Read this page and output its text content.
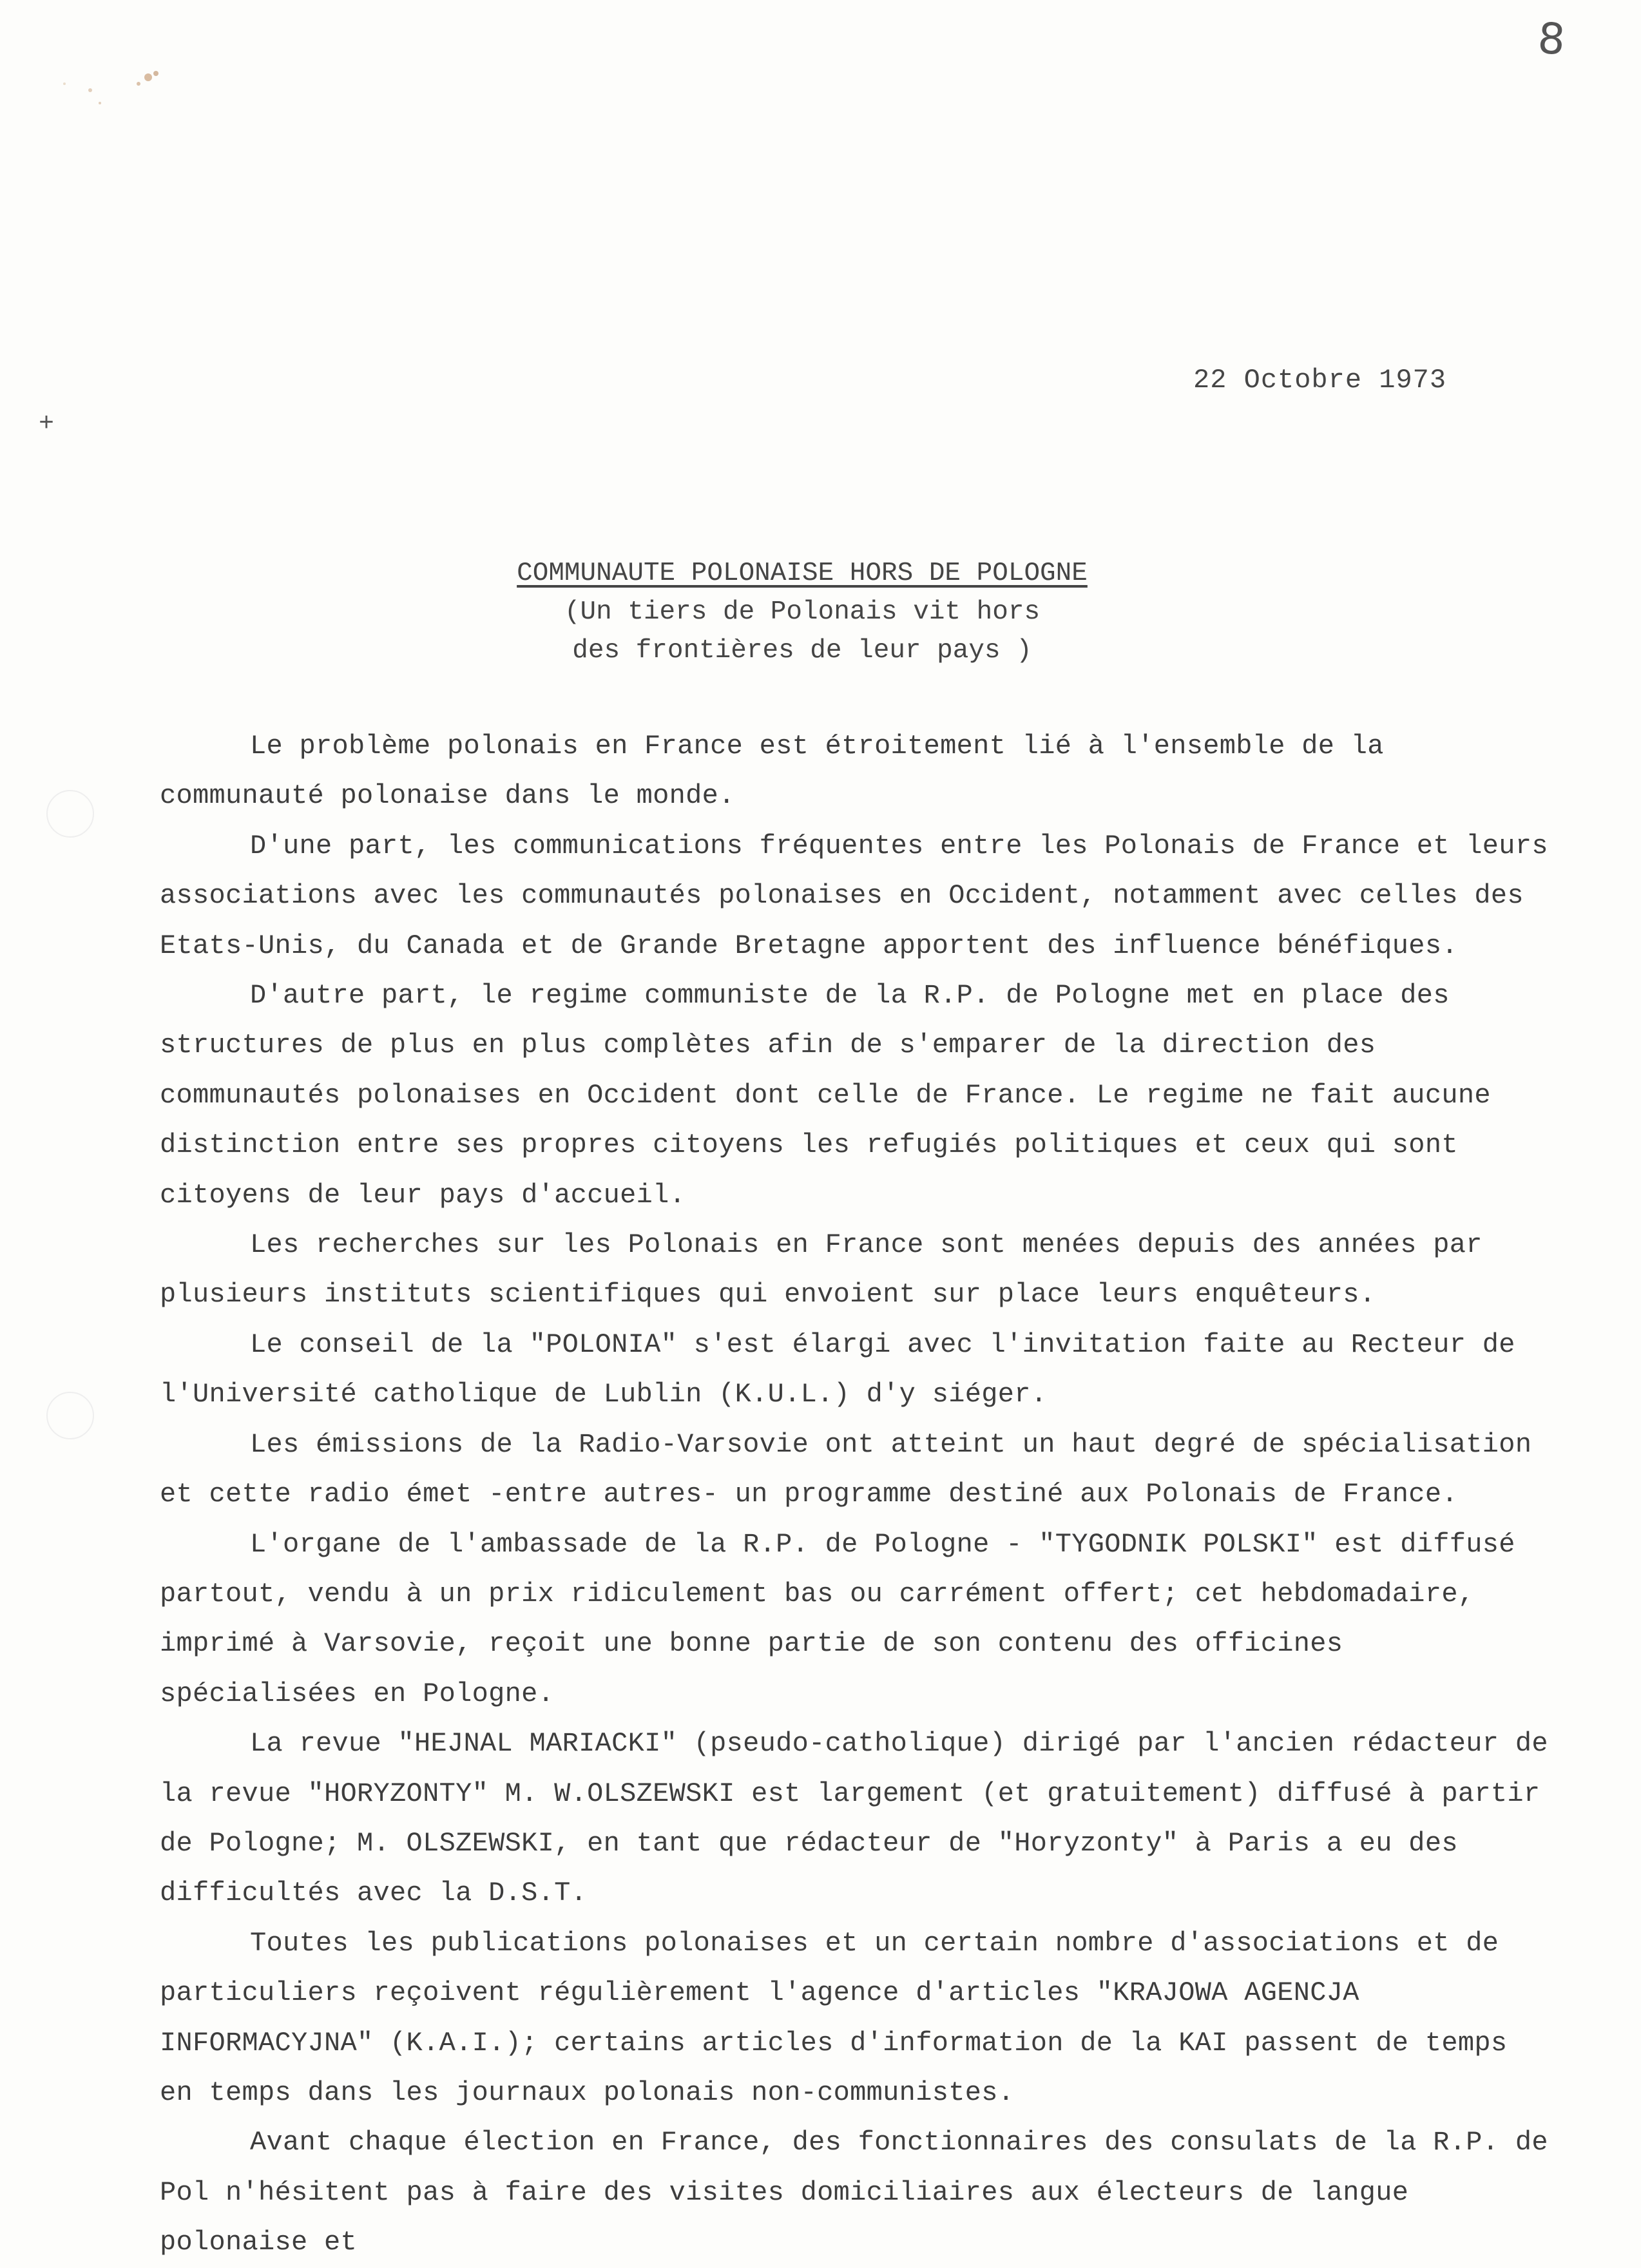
8
+
22 Octobre 1973
COMMUNAUTE POLONAISE HORS DE POLOGNE
(Un tiers de Polonais vit hors
des frontières de leur pays )

Le problème polonais en France est étroitement lié à l'ensemble de la communauté polonaise dans le monde.

D'une part, les communications fréquentes entre les Polonais de France et leurs associations avec les communautés polonaises en Occident, notamment avec celles des Etats-Unis, du Canada et de Grande Bretagne apportent des influence bénéfiques.

D'autre part, le regime communiste de la R.P. de Pologne met en place des structures de plus en plus complètes afin de s'emparer de la direction des communautés polonaises en Occident dont celle de France. Le regime ne fait aucune distinction entre ses propres citoyens les refugiés politiques et ceux qui sont citoyens de leur pays d'accueil.

Les recherches sur les Polonais en France sont menées depuis des années par plusieurs instituts scientifiques qui envoient sur place leurs enquêteurs.

Le conseil de la "POLONIA" s'est élargi avec l'invitation faite au Recteur de l'Université catholique de Lublin (K.U.L.) d'y siéger.

Les émissions de la Radio-Varsovie ont atteint un haut degré de spécialisation et cette radio émet -entre autres- un programme destiné aux Polonais de France.

L'organe de l'ambassade de la R.P. de Pologne - "TYGODNIK POLSKI" est diffusé partout, vendu à un prix ridiculement bas ou carrément offert; cet hebdomadaire, imprimé à Varsovie, reçoit une bonne partie de son contenu des officines spécialisées en Pologne.

La revue "HEJNAL MARIACKI" (pseudo-catholique) dirigé par l'ancien rédacteur de la revue "HORYZONTY" M. W.OLSZEWSKI est largement (et gratuitement) diffusé à partir de Pologne; M. OLSZEWSKI, en tant que rédacteur de "Horyzonty" à Paris a eu des difficultés avec la D.S.T.

Toutes les publications polonaises et un certain nombre d'associations et de particuliers reçoivent régulièrement l'agence d'articles "KRAJOWA AGENCJA INFORMACYJNA" (K.A.I.); certains articles d'information de la KAI passent de temps en temps dans les journaux polonais non-communistes.

Avant chaque élection en France, des fonctionnaires des consulats de la R.P. de Pol n'hésitent pas à faire des visites domiciliaires aux électeurs de langue polonaise et
